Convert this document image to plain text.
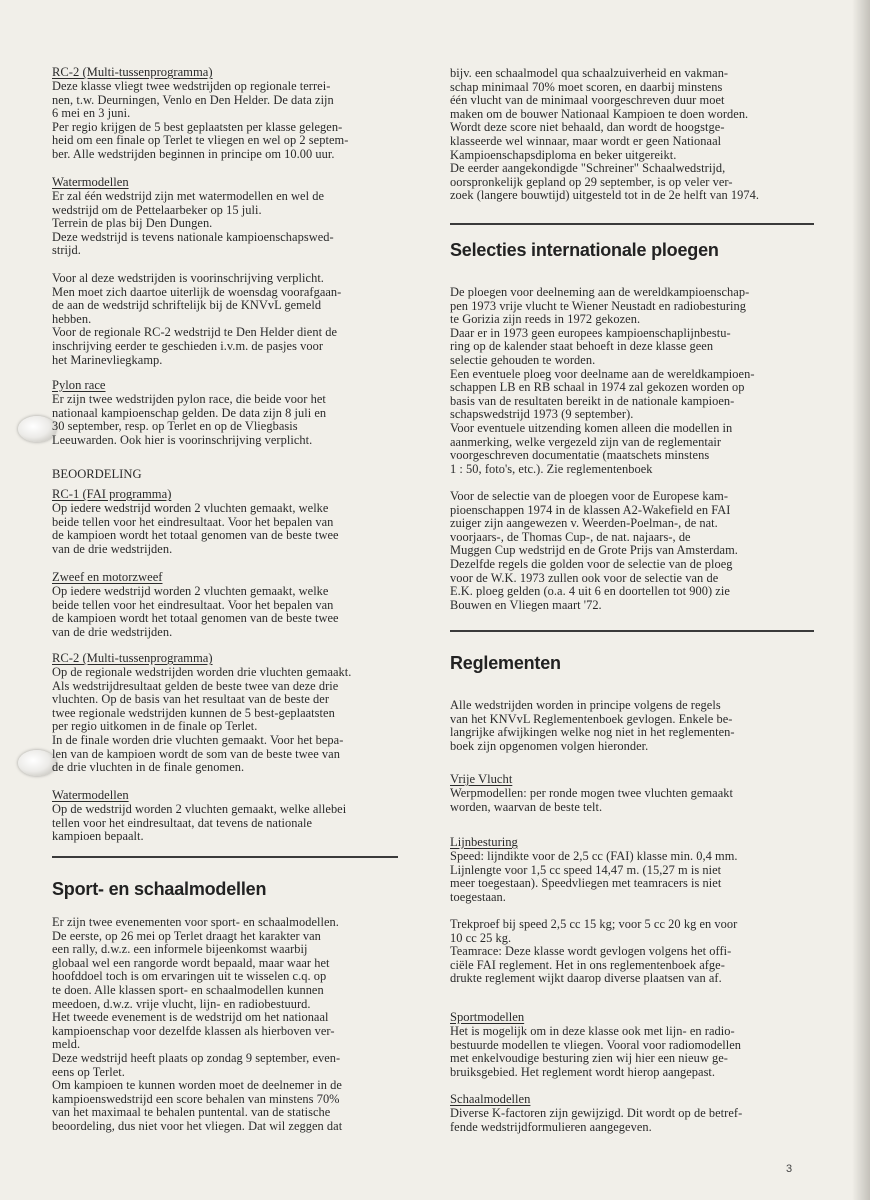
RC-2 (Multi-tussenprogramma)
Deze klasse vliegt twee wedstrijden op regionale terrei-
nen, t.w. Deurningen, Venlo en Den Helder. De data zijn
6 mei en 3 juni.
Per regio krijgen de 5 best geplaatsten per klasse gelegen-
heid om een finale op Terlet te vliegen en wel op 2 septem-
ber. Alle wedstrijden beginnen in principe om 10.00 uur.
Watermodellen
Er zal één wedstrijd zijn met watermodellen en wel de
wedstrijd om de Pettelaarbeker op 15 juli.
Terrein de plas bij Den Dungen.
Deze wedstrijd is tevens nationale kampioenschapswed-
strijd.
Voor al deze wedstrijden is voorinschrijving verplicht.
Men moet zich daartoe uiterlijk de woensdag voorafgaan-
de aan de wedstrijd schriftelijk bij de KNVvL gemeld
hebben.
Voor de regionale RC-2 wedstrijd te Den Helder dient de
inschrijving eerder te geschieden i.v.m. de pasjes voor
het Marinevliegkamp.
Pylon race
Er zijn twee wedstrijden pylon race, die beide voor het
nationaal kampioenschap gelden. De data zijn 8 juli en
30 september, resp. op Terlet en op de Vliegbasis
Leeuwarden. Ook hier is voorinschrijving verplicht.
BEOORDELING
RC-1 (FAI programma)
Op iedere wedstrijd worden 2 vluchten gemaakt, welke
beide tellen voor het eindresultaat. Voor het bepalen van
de kampioen wordt het totaal genomen van de beste twee
van de drie wedstrijden.
Zweef en motorzweef
Op iedere wedstrijd worden 2 vluchten gemaakt, welke
beide tellen voor het eindresultaat. Voor het bepalen van
de kampioen wordt het totaal genomen van de beste twee
van de drie wedstrijden.
RC-2 (Multi-tussenprogramma)
Op de regionale wedstrijden worden drie vluchten gemaakt.
Als wedstrijdresultaat gelden de beste twee van deze drie
vluchten. Op de basis van het resultaat van de beste der
twee regionale wedstrijden kunnen de 5 best-geplaatsten
per regio uitkomen in de finale op Terlet.
In de finale worden drie vluchten gemaakt. Voor het bepa-
len van de kampioen wordt de som van de beste twee van
de drie vluchten in de finale genomen.
Watermodellen
Op de wedstrijd worden 2 vluchten gemaakt, welke allebei
tellen voor het eindresultaat, dat tevens de nationale
kampioen bepaalt.
Sport- en schaalmodellen
Er zijn twee evenementen voor sport- en schaalmodellen.
De eerste, op 26 mei op Terlet draagt het karakter van
een rally, d.w.z. een informele bijeenkomst waarbij
globaal wel een rangorde wordt bepaald, maar waar het
hoofddoel toch is om ervaringen uit te wisselen c.q. op
te doen. Alle klassen sport- en schaalmodellen kunnen
meedoen, d.w.z. vrije vlucht, lijn- en radiobestuurd.
Het tweede evenement is de wedstrijd om het nationaal
kampioenschap voor dezelfde klassen als hierboven ver-
meld.
Deze wedstrijd heeft plaats op zondag 9 september, even-
eens op Terlet.
Om kampioen te kunnen worden moet de deelnemer in de
kampioenswedstrijd een score behalen van minstens 70%
van het maximaal te behalen puntental. van de statische
beoordeling, dus niet voor het vliegen. Dat wil zeggen dat
bijv. een schaalmodel qua schaalzuiverheid en vakman-
schap minimaal 70% moet scoren, en daarbij minstens
één vlucht van de minimaal voorgeschreven duur moet
maken om de bouwer Nationaal Kampioen te doen worden.
Wordt deze score niet behaald, dan wordt de hoogstge-
klasseerde wel winnaar, maar wordt er geen Nationaal
Kampioenschapsdiploma en beker uitgereikt.
De eerder aangekondigde "Schreiner" Schaalwedstrijd,
oorspronkelijk gepland op 29 september, is op veler ver-
zoek (langere bouwtijd) uitgesteld tot in de 2e helft van 1974.
Selecties internationale ploegen
De ploegen voor deelneming aan de wereldkampioenschap-
pen 1973 vrije vlucht te Wiener Neustadt en radiobesturing
te Gorizia zijn reeds in 1972 gekozen.
Daar er in 1973 geen europees kampioenschaplijnbestu-
ring op de kalender staat behoeft in deze klasse geen
selectie gehouden te worden.
Een eventuele ploeg voor deelname aan de wereldkampioen-
schappen LB en RB schaal in 1974 zal gekozen worden op
basis van de resultaten bereikt in de nationale kampioen-
schapswedstrijd 1973 (9 september).
Voor eventuele uitzending komen alleen die modellen in
aanmerking, welke vergezeld zijn van de reglementair
voorgeschreven documentatie (maatschets minstens
1 : 50, foto's, etc.). Zie reglementenboek
Voor de selectie van de ploegen voor de Europese kam-
pioenschappen 1974 in de klassen A2-Wakefield en FAI
zuiger zijn aangewezen v. Weerden-Poelman-, de nat.
voorjaars-, de Thomas Cup-, de nat. najaars-, de
Muggen Cup wedstrijd en de Grote Prijs van Amsterdam.
Dezelfde regels die golden voor de selectie van de ploeg
voor de W.K. 1973 zullen ook voor de selectie van de
E.K. ploeg gelden (o.a. 4 uit 6 en doortellen tot 900) zie
Bouwen en Vliegen maart '72.
Reglementen
Alle wedstrijden worden in principe volgens de regels
van het KNVvL Reglementenboek gevlogen. Enkele be-
langrijke afwijkingen welke nog niet in het reglementen-
boek zijn opgenomen volgen hieronder.
Vrije Vlucht
Werpmodellen: per ronde mogen twee vluchten gemaakt
worden, waarvan de beste telt.
Lijnbesturing
Speed: lijndikte voor de 2,5 cc (FAI) klasse min. 0,4 mm.
Lijnlengte voor 1,5 cc speed 14,47 m. (15,27 m is niet
meer toegestaan). Speedvliegen met teamracers is niet
toegestaan.
Trekproef bij speed 2,5 cc 15 kg; voor 5 cc 20 kg en voor
10 cc 25 kg.
Teamrace: Deze klasse wordt gevlogen volgens het offi-
ciële FAI reglement. Het in ons reglementenboek afge-
drukte reglement wijkt daarop diverse plaatsen van af.
Sportmodellen
Het is mogelijk om in deze klasse ook met lijn- en radio-
bestuurde modellen te vliegen. Vooral voor radiomodellen
met enkelvoudige besturing zien wij hier een nieuw ge-
bruiksgebied. Het reglement wordt hierop aangepast.
Schaalmodellen
Diverse K-factoren zijn gewijzigd. Dit wordt op de betref-
fende wedstrijdformulieren aangegeven.
3
